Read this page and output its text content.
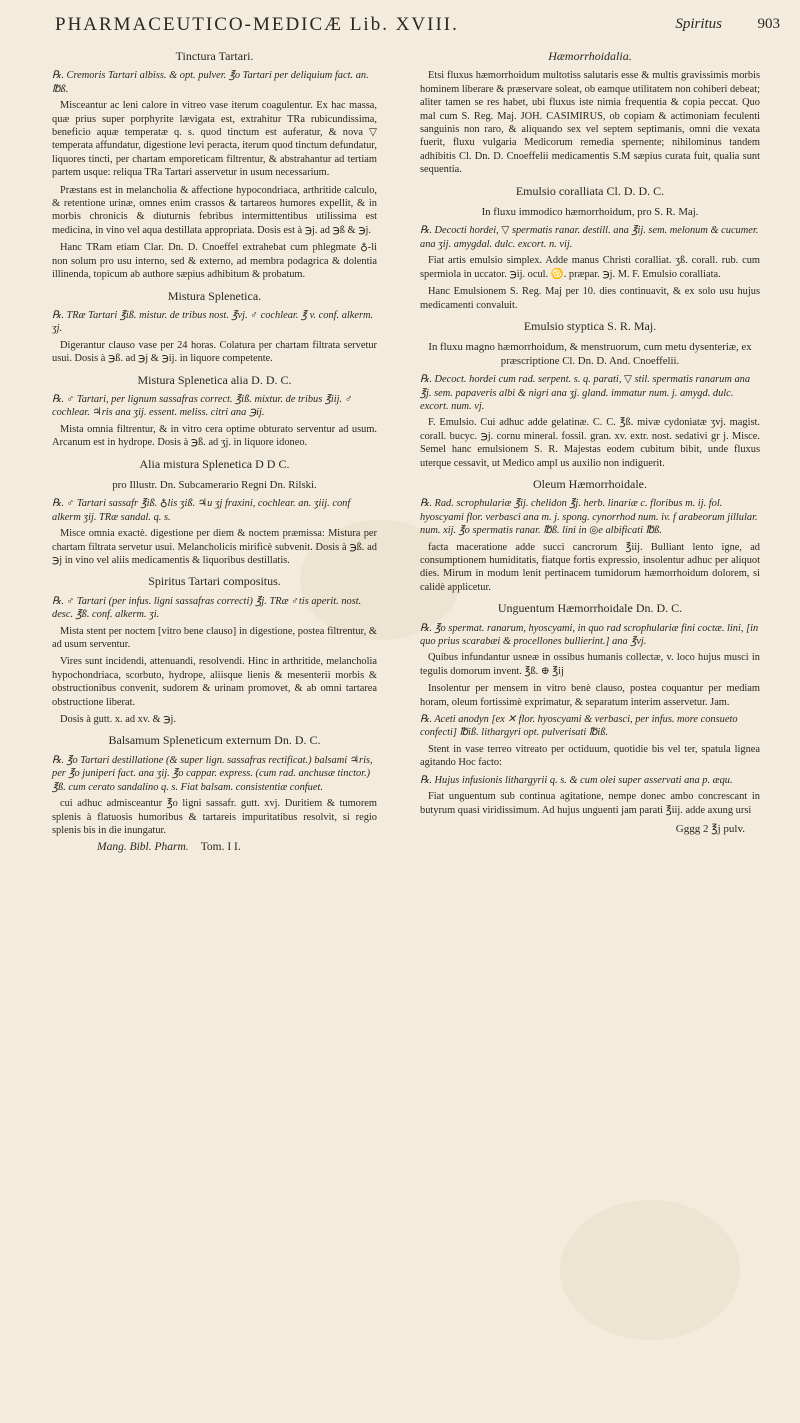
PHARMACEUTICO-MEDICÆ Lib. XVIII.	Spiritus 903
Tinctura Tartari.
℞. Cremoris Tartari albiss. & opt. pulver. ℥o Tartari per deliquium fact. an. ℔ß.
Misceantur ac leni calore in vitreo vase iterum coagulentur. Ex hac massa, quæ prius super porphyrite lævigata est, extrahitur TRa rubicundissima, beneficio aquæ temperatæ q. s. quod tinctum est auferatur, & nova ▽ temperata affundatur, digestione levi peracta, iterum quod tinctum defundatur, liquores tincti, per chartam emporeticam filtrentur, & abstrahantur ad tertiam partem usque: reliqua TRa Tartari asservetur in usum necessarium.
Præstans est in melancholia & affectione hypocondriaca, arthritide calculo, & retentione urinæ, omnes enim crassos & tartareos humores expellit, & in morbis chronicis & diuturnis febribus intermittentibus utilissima est medicina, in vino vel aqua destillata appropriata. Dosis est à ℈j. ad ℈ß & ℈j.
Hanc TRam etiam Clar. Dn. D. Cnoeffel extrahebat cum phlegmate ♁-li non solum pro usu interno, sed & externo, ad membra podagrica & dolentia illinenda, topicum ab authore sæpius adhibitum & probatum.
Mistura Splenetica.
℞. TRæ Tartari ℥iß. mistur. de tribus nost. ℥vj. ♂ cochlear. ℥ v. conf. alkerm. ʒj.
Digerantur clauso vase per 24 horas. Colatura per chartam filtrata servetur usui. Dosis à ℈ß. ad ℈j & ℈ij. in liquore competente.
Mistura Splenetica alia D. D. C.
℞. ♂ Tartari, per lignum sassafras correct. ℥iß. mixtur. de tribus ℥iij. ♂ cochlear. ♃ris ana ʒij. essent. meliss. citri ana ℈ij.
Mista omnia filtrentur, & in vitro cera optime obturato serventur ad usum. Arcanum est in hydrope. Dosis à ℈ß. ad ʒj. in liquore idoneo.
Alia mistura Splenetica D D C.
pro Illustr. Dn. Subcamerario Regni Dn. Rilski.
℞. ♂ Tartari sassafr ℥iß. ♁lis ʒiß. ♃u ʒj fraxini, cochlear. an. ʒiij. conf alkerm ʒij. TRæ sandal. q. s.
Misce omnia exactè. digestione per diem & noctem præmissa: Mistura per chartam filtrata servetur usui. Melancholicis mirificè subvenit. Dosis à ℈ß. ad ℈j in vino vel aliis medicamentis & liquoribus destillatis.
Spiritus Tartari compositus.
℞. ♂ Tartari (per infus. ligni sassafras correcti) ℥j. TRæ ♂tis aperit. nost. desc. ℥ß. conf. alkerm. ʒi.
Mista stent per noctem [vitro bene clauso] in digestione, postea filtrentur, & ad usum serventur.
Vires sunt incidendi, attenuandi, resolvendi. Hinc in arthritide, melancholia hypochondriaca, scorbuto, hydrope, aliisque lienis & mesenterii morbis & obstructionibus convenit, sudorem & urinam promovet, & ab omni tartarea obstructione liberat.
Dosis à gutt. x. ad xv. & ℈j.
Balsamum Spleneticum externum Dn. D. C.
℞. ℥o Tartari destillatione (& super lign. sassafras rectificat.) balsami ♃ris, per ℥o juniperi fact. ana ʒij. ℥o cappar. express. (cum rad. anchusæ tinctor.) ℥ß. cum cerato sandalino q. s. Fiat balsam. consistentiæ confuet.
cui adhuc admisceantur ℥o ligni sassafr. gutt. xvj. Duritiem & tumorem splenis à flatuosis humoribus & tartareis impuritatibus resolvit, si regio splenis bis in die inungatur.
Mang. Bibl. Pharm. Tom. I I.
Hæmorrhoidalia.
Etsi fluxus hæmorrhoidum multotiss salutaris esse & multis gravissimis morbis hominem liberare & præservare soleat, ob eamque utilitatem non cohiberi debeat; aliter tamen se res habet, ubi fluxus iste nimia frequentia & copia peccat. Quo mal cum S. Reg. Maj. JOH. CASIMIRUS, ob copiam & actimoniam feculenti sanguinis non raro, & aliquando sex vel septem septimanis, omni die vexata fuerit, fluxu vulgaria Medicorum remedia spernente; nihilominus tandem adhibitis Cl. Dn. D. Cnoeffelii medicamentis S.M sæpius curata fuit, qualia sunt sequentia.
Emulsio coralliata Cl. D. D. C.
In fluxu immodico hæmorrhoidum, pro S. R. Maj.
℞. Decocti hordei, ▽ spermatis ranar. destill. ana ℥ij. sem. melonum & cucumer. ana ʒij. amygdal. dulc. excort. n. vij.
Fiat artis emulsio simplex. Adde manus Christi coralliat. ʒß. corall. rub. cum spermiola in uccator. ℈ij. ocul. ♋. præpar. ℈j. M. F. Emulsio coralliata.
Hanc Emulsionem S. Reg. Maj per 10. dies continuavit, & ex solo usu hujus medicamenti convaluit.
Emulsio styptica S. R. Maj.
In fluxu magno hæmorrhoidum, & menstruorum, cum metu dysenteriæ, ex præscriptione Cl. Dn. D. And. Cnoeffelii.
℞. Decoct. hordei cum rad. serpent. s. q. parati, ▽ stil. spermatis ranarum ana ℥j. sem. papaveris albi & nigri ana ʒj. gland. immatur num. j. amygd. dulc. excort. num. vj.
F. Emulsio. Cui adhuc adde gelatinæ. C. C. ℥ß. mivæ cydoniatæ ʒvj. magist. corall. bucyc. ℈j. cornu mineral. fossil. gran. xv. extr. nost. sedativi gr j. Misce. Semel hanc emulsionem S. R. Majestas eodem cubitum bibit, unde fluxus uterque cessavit, ut Medico ampl us auxilio non indiguerit.
Oleum Hæmorrhoidale.
℞. Rad. scrophulariæ ℥ij. chelidon ℥j. herb. linariæ c. floribus m. ij. fol. hyoscyami flor. verbasci ana m. j. spong. cynorrhod num. iv. f arabeorum jillular. num. xij. ℥o spermatis ranar. ℔ß. lini in ◎e albificati ℔ß.
facta maceratione adde succi cancrorum ℥iij. Bulliant lento igne, ad consumptionem humiditatis, fiatque fortis expressio, insolentur adhuc per aliquot dies. Mirum in modum lenit pertinacem tumidorum hæmorrhoidum dolorem, si calidè applicetur.
Unguentum Hæmorrhoidale Dn. D. C.
℞. ℥o spermat. ranarum, hyoscyami, in quo rad scrophulariæ fini coctæ. lini, [in quo prius scarabæi & procellones bullierint.] ana ℥vj.
Quibus infundantur usneæ in ossibus humanis collectæ, v. loco hujus musci in tegulis domorum invent. ℥ß. ⊕ ℥ij
Insolentur per mensem in vitro benè clauso, postea coquantur per mediam horam, oleum fortissimè exprimatur, & separatum interim asservetur. Jam.
℞. Aceti anodyn [ex ✕ flor. hyoscyami & verbasci, per infus. more consueto confecti] ℔iß. lithargyri opt. pulverisati ℔iß.
Stent in vase terreo vitreato per octiduum, quotidie bis vel ter, spatula lignea agitando Hoc facto:
℞. Hujus infusionis lithargyrii q. s. & cum olei super asservati ana p. æqu.
Fiat unguentum sub continua agitatione, nempe donec ambo concrescant in butyrum quasi viridissimum. Ad hujus unguenti jam parati ℥iij. adde axung ursi
Gggg 2 ℥j pulv.
